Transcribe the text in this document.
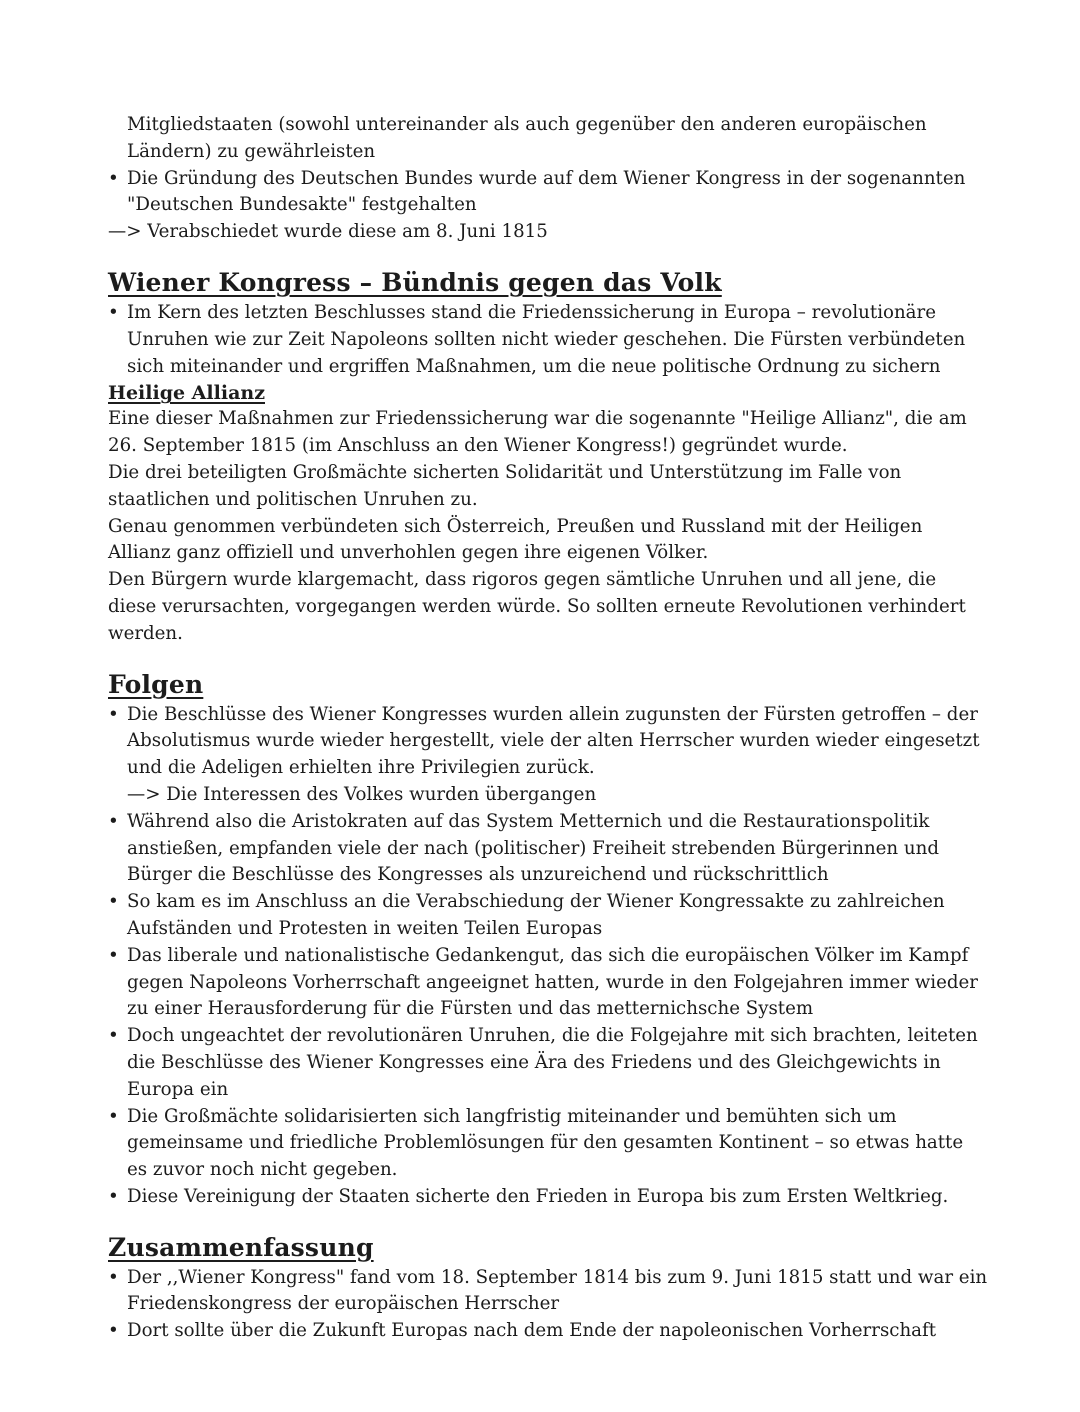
Mitgliedstaaten (sowohl untereinander als auch gegenüber den anderen europäischen Ländern) zu gewährleisten
• Die Gründung des Deutschen Bundes wurde auf dem Wiener Kongress in der sogenannten "Deutschen Bundesakte" festgehalten

—> Verabschiedet wurde diese am 8. Juni 1815

Wiener Kongress – Bündnis gegen das Volk
• Im Kern des letzten Beschlusses stand die Friedenssicherung in Europa – revolutionäre Unruhen wie zur Zeit Napoleons sollten nicht wieder geschehen. Die Fürsten verbündeten sich miteinander und ergriffen Maßnahmen, um die neue politische Ordnung zu sichern
Heilige Allianz

Eine dieser Maßnahmen zur Friedenssicherung war die sogenannte "Heilige Allianz", die am 26. September 1815 (im Anschluss an den Wiener Kongress!) gegründet wurde.

Die drei beteiligten Großmächte sicherten Solidarität und Unterstützung im Falle von staatlichen und politischen Unruhen zu.

Genau genommen verbündeten sich Österreich, Preußen und Russland mit der Heiligen Allianz ganz offiziell und unverhohlen gegen ihre eigenen Völker.

Den Bürgern wurde klargemacht, dass rigoros gegen sämtliche Unruhen und all jene, die diese verursachten, vorgegangen werden würde. So sollten erneute Revolutionen verhindert werden.

Folgen
• Die Beschlüsse des Wiener Kongresses wurden allein zugunsten der Fürsten getroffen – der Absolutismus wurde wieder hergestellt, viele der alten Herrscher wurden wieder eingesetzt und die Adeligen erhielten ihre Privilegien zurück.
—> Die Interessen des Volkes wurden übergangen
• Während also die Aristokraten auf das System Metternich und die Restaurationspolitik anstießen, empfanden viele der nach (politischer) Freiheit strebenden Bürgerinnen und Bürger die Beschlüsse des Kongresses als unzureichend und rückschrittlich
• So kam es im Anschluss an die Verabschiedung der Wiener Kongressakte zu zahlreichen Aufständen und Protesten in weiten Teilen Europas
• Das liberale und nationalistische Gedankengut, das sich die europäischen Völker im Kampf gegen Napoleons Vorherrschaft angeeignet hatten, wurde in den Folgejahren immer wieder zu einer Herausforderung für die Fürsten und das metternichsche System
• Doch ungeachtet der revolutionären Unruhen, die die Folgejahre mit sich brachten, leiteten die Beschlüsse des Wiener Kongresses eine Ära des Friedens und des Gleichgewichts in Europa ein
• Die Großmächte solidarisierten sich langfristig miteinander und bemühten sich um gemeinsame und friedliche Problemlösungen für den gesamten Kontinent – so etwas hatte es zuvor noch nicht gegeben.
• Diese Vereinigung der Staaten sicherte den Frieden in Europa bis zum Ersten Weltkrieg.
Zusammenfassung
• Der ,,Wiener Kongress" fand vom 18. September 1814 bis zum 9. Juni 1815 statt und war ein Friedenskongress der europäischen Herrscher
• Dort sollte über die Zukunft Europas nach dem Ende der napoleonischen Vorherrschaft
